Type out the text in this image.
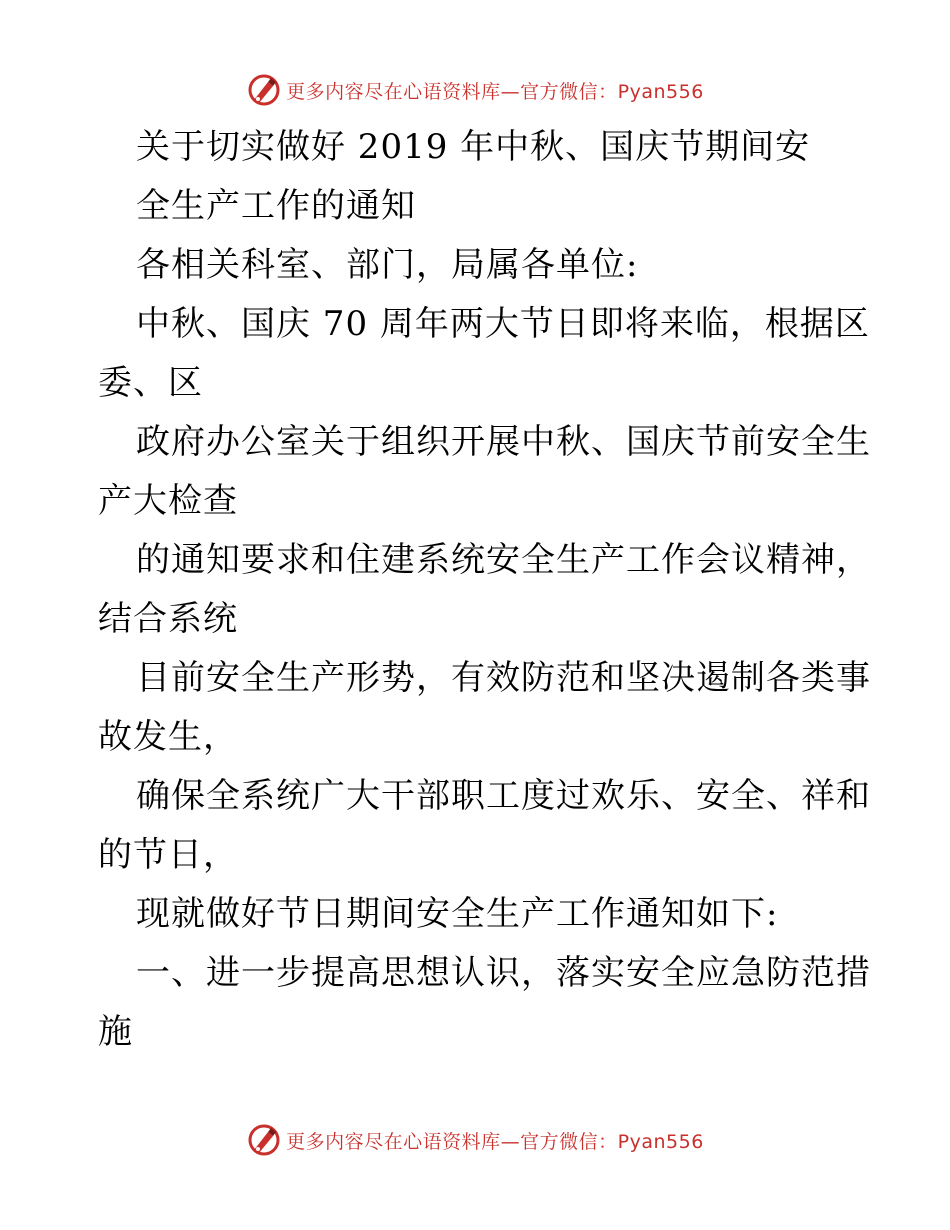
更多内容尽在心语资料库—官方微信：Pyan556
关于切实做好 2019 年中秋、国庆节期间安
全生产工作的通知
各相关科室、部门，局属各单位:
中秋、国庆 70 周年两大节日即将来临，根据区
委、区
政府办公室关于组织开展中秋、国庆节前安全生
产大检查
的通知要求和住建系统安全生产工作会议精神，
结合系统
目前安全生产形势，有效防范和坚决遏制各类事
故发生，
确保全系统广大干部职工度过欢乐、安全、祥和
的节日，
现就做好节日期间安全生产工作通知如下:
一、进一步提高思想认识，落实安全应急防范措
施
更多内容尽在心语资料库—官方微信：Pyan556
